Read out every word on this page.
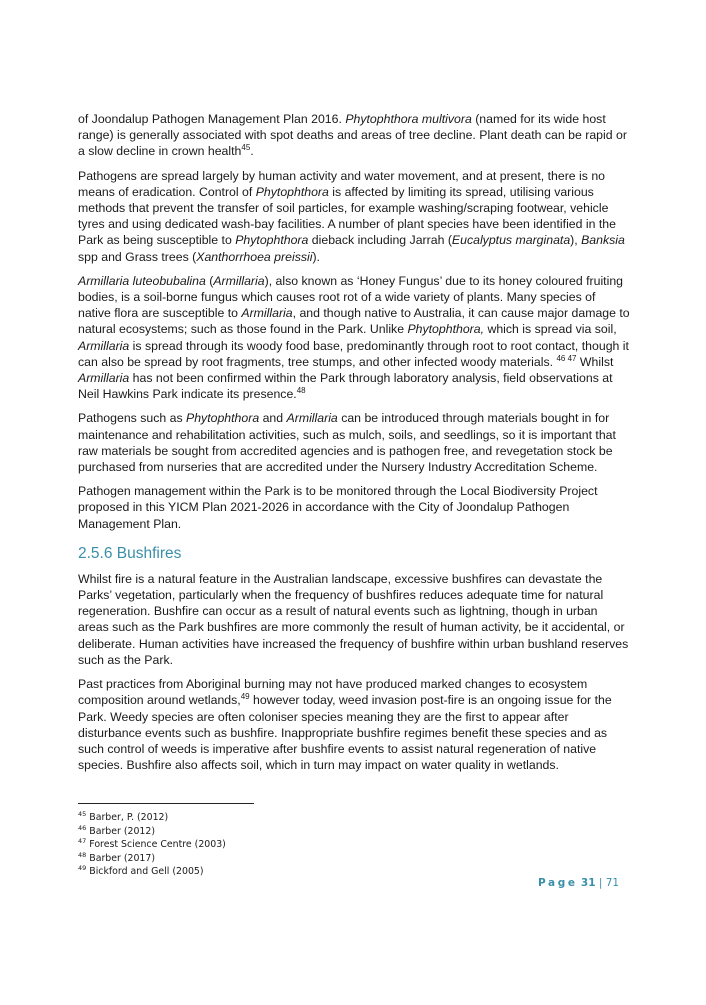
of Joondalup Pathogen Management Plan 2016. Phytophthora multivora (named for its wide host range) is generally associated with spot deaths and areas of tree decline. Plant death can be rapid or a slow decline in crown health$^{45}$.

Pathogens are spread largely by human activity and water movement, and at present, there is no means of eradication. Control of Phytophthora is affected by limiting its spread, utilising various methods that prevent the transfer of soil particles, for example washing/scraping footwear, vehicle tyres and using dedicated wash-bay facilities. A number of plant species have been identified in the Park as being susceptible to Phytophthora dieback including Jarrah (Eucalyptus marginata), Banksia spp and Grass trees (Xanthorrhoea preissii).

Armillaria luteobubalina (Armillaria), also known as ‘Honey Fungus’ due to its honey coloured fruiting bodies, is a soil-borne fungus which causes root rot of a wide variety of plants. Many species of native flora are susceptible to Armillaria, and though native to Australia, it can cause major damage to natural ecosystems; such as those found in the Park. Unlike Phytophthora, which is spread via soil, Armillaria is spread through its woody food base, predominantly through root to root contact, though it can also be spread by root fragments, tree stumps, and other infected woody materials. $^{46 47}$ Whilst Armillaria has not been confirmed within the Park through laboratory analysis, field observations at Neil Hawkins Park indicate its presence.$^{48}$

Pathogens such as Phytophthora and Armillaria can be introduced through materials bought in for maintenance and rehabilitation activities, such as mulch, soils, and seedlings, so it is important that raw materials be sought from accredited agencies and is pathogen free, and revegetation stock be purchased from nurseries that are accredited under the Nursery Industry Accreditation Scheme.

Pathogen management within the Park is to be monitored through the Local Biodiversity Project proposed in this YICM Plan 2021-2026 in accordance with the City of Joondalup Pathogen Management Plan.

2.5.6 Bushfires

Whilst fire is a natural feature in the Australian landscape, excessive bushfires can devastate the Parks’ vegetation, particularly when the frequency of bushfires reduces adequate time for natural regeneration. Bushfire can occur as a result of natural events such as lightning, though in urban areas such as the Park bushfires are more commonly the result of human activity, be it accidental, or deliberate. Human activities have increased the frequency of bushfire within urban bushland reserves such as the Park.

Past practices from Aboriginal burning may not have produced marked changes to ecosystem composition around wetlands,$^{49}$ however today, weed invasion post-fire is an ongoing issue for the Park. Weedy species are often coloniser species meaning they are the first to appear after disturbance events such as bushfire. Inappropriate bushfire regimes benefit these species and as such control of weeds is imperative after bushfire events to assist natural regeneration of native species. Bushfire also affects soil, which in turn may impact on water quality in wetlands.

$^{45}$ Barber, P. (2012)
$^{46}$ Barber (2012)
$^{47}$ Forest Science Centre (2003)
$^{48}$ Barber (2017)
$^{49}$ Bickford and Gell (2005)
Page 31 | 71
